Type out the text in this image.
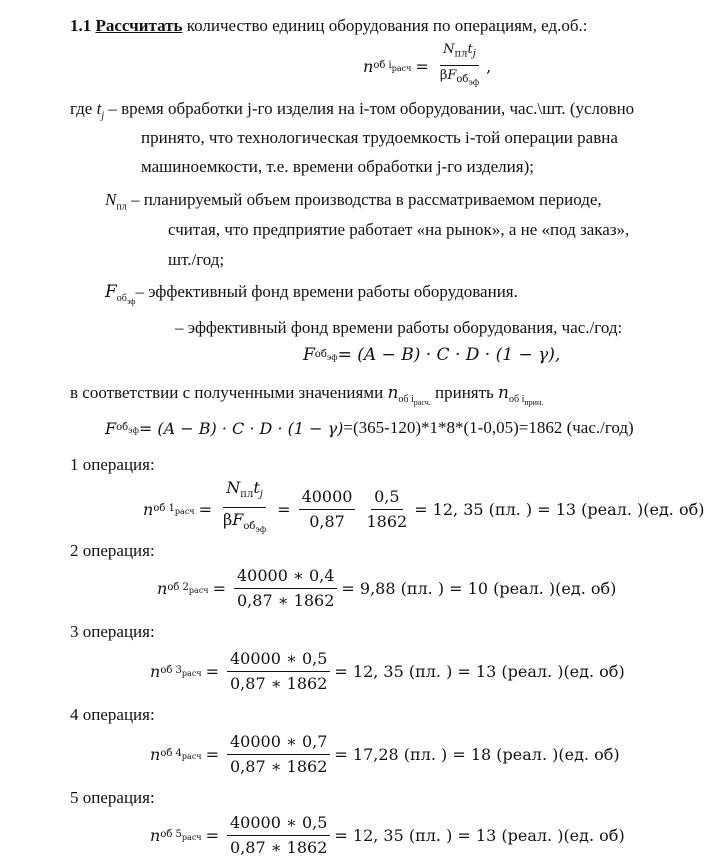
1.1 Рассчитать количество единиц оборудования по операциям, ед.об.:
n об $i_{расч} = \frac{N_{пл}t_j}{\beta F_{об_{эф}}}$ ,
где $t_j$ – время обработки j-го изделия на i-том оборудовании, час.\шт. (условно
принято, что технологическая трудоемкость i-той операции равна
машиноемкости, т.е. времени обработки j-го изделия);
$N_{пл}$ – планируемый объем производства в рассматриваемом периоде,
считая, что предприятие работает «на рынок», а не «под заказ»,
шт./год;
$F_{об_{эф}}-$ эффективный фонд времени работы оборудования.
– эффективный фонд времени работы оборудования, час./год:
F $об_{эф} = (A - B) \cdot C \cdot D \cdot (1 - \gamma)$,
в соответствии с полученными значениями $n_{об i_{расч.}}$ принять $n_{об i_{прин.}}$
F $об_{эф} = (A - B) \cdot C \cdot D \cdot (1 - \gamma) =(365-120)*1*8*(1-0,05)=1862$ (час./год)
1 операция:
n об $1_{расч} = \frac{N_{пл}t_j}{\beta F_{об_{эф}}} = \frac{40000}{0,87} \frac{0,5}{1862} = 12$, 35 (пл. ) = 13 (реал. )(ед. об)
2 операция:
n об $2_{расч} = \frac{40000 ∗ 0,4}{0,87 ∗ 1862} = 9,88$ (пл. ) = 10 (реал. )(ед. об)
3 операция:
n об $3_{расч} = \frac{40000 ∗ 0,5}{0,87 ∗ 1862} = 12$, 35 (пл. ) = 13 (реал. )(ед. об)
4 операция:
n об $4_{расч} = \frac{40000 ∗ 0,7}{0,87 ∗ 1862} = 17,28$ (пл. ) = 18 (реал. )(ед. об)
5 операция:
n об $5_{расч} = \frac{40000 ∗ 0,5}{0,87 ∗ 1862} = 12$, 35 (пл. ) = 13 (реал. )(ед. об)
